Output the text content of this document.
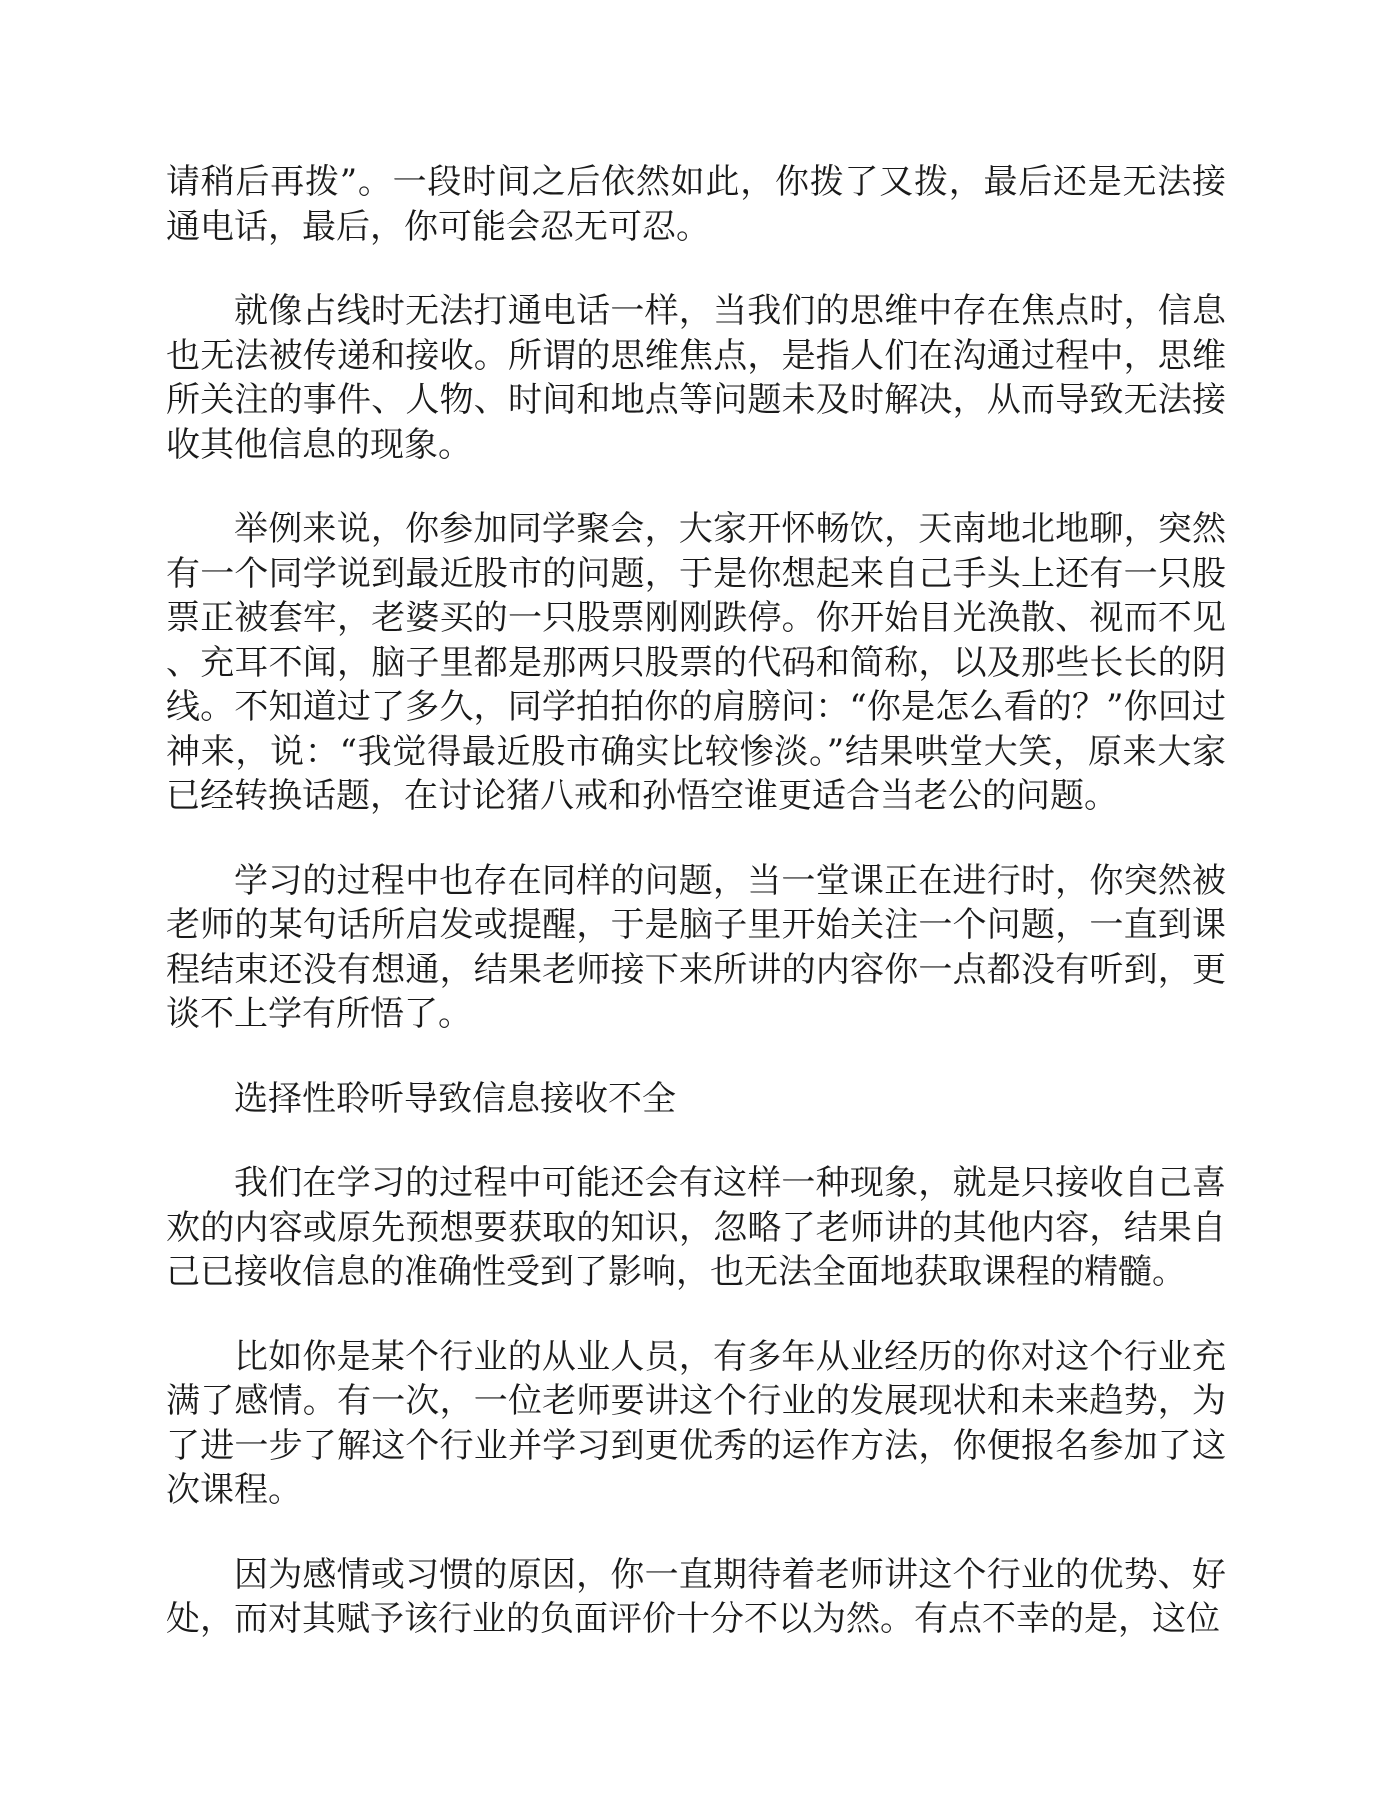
请稍后再拨”。一段时间之后依然如此，你拨了又拨，最后还是无法接通电话，最后，你可能会忍无可忍。

就像占线时无法打通电话一样，当我们的思维中存在焦点时，信息也无法被传递和接收。所谓的思维焦点，是指人们在沟通过程中，思维所关注的事件、人物、时间和地点等问题未及时解决，从而导致无法接收其他信息的现象。

举例来说，你参加同学聚会，大家开怀畅饮，天南地北地聊，突然有一个同学说到最近股市的问题，于是你想起来自己手头上还有一只股票正被套牢，老婆买的一只股票刚刚跌停。你开始目光涣散、视而不见、充耳不闻，脑子里都是那两只股票的代码和简称，以及那些长长的阴线。不知道过了多久，同学拍拍你的肩膀问：“你是怎么看的？”你回过神来，说：“我觉得最近股市确实比较惨淡。”结果哄堂大笑，原来大家已经转换话题，在讨论猪八戒和孙悟空谁更适合当老公的问题。

学习的过程中也存在同样的问题，当一堂课正在进行时，你突然被老师的某句话所启发或提醒，于是脑子里开始关注一个问题，一直到课程结束还没有想通，结果老师接下来所讲的内容你一点都没有听到，更谈不上学有所悟了。

选择性聆听导致信息接收不全

我们在学习的过程中可能还会有这样一种现象，就是只接收自己喜欢的内容或原先预想要获取的知识，忽略了老师讲的其他内容，结果自己已接收信息的准确性受到了影响，也无法全面地获取课程的精髓。

比如你是某个行业的从业人员，有多年从业经历的你对这个行业充满了感情。有一次，一位老师要讲这个行业的发展现状和未来趋势，为了进一步了解这个行业并学习到更优秀的运作方法，你便报名参加了这次课程。

因为感情或习惯的原因，你一直期待着老师讲这个行业的优势、好处，而对其赋予该行业的负面评价十分不以为然。有点不幸的是，这位
